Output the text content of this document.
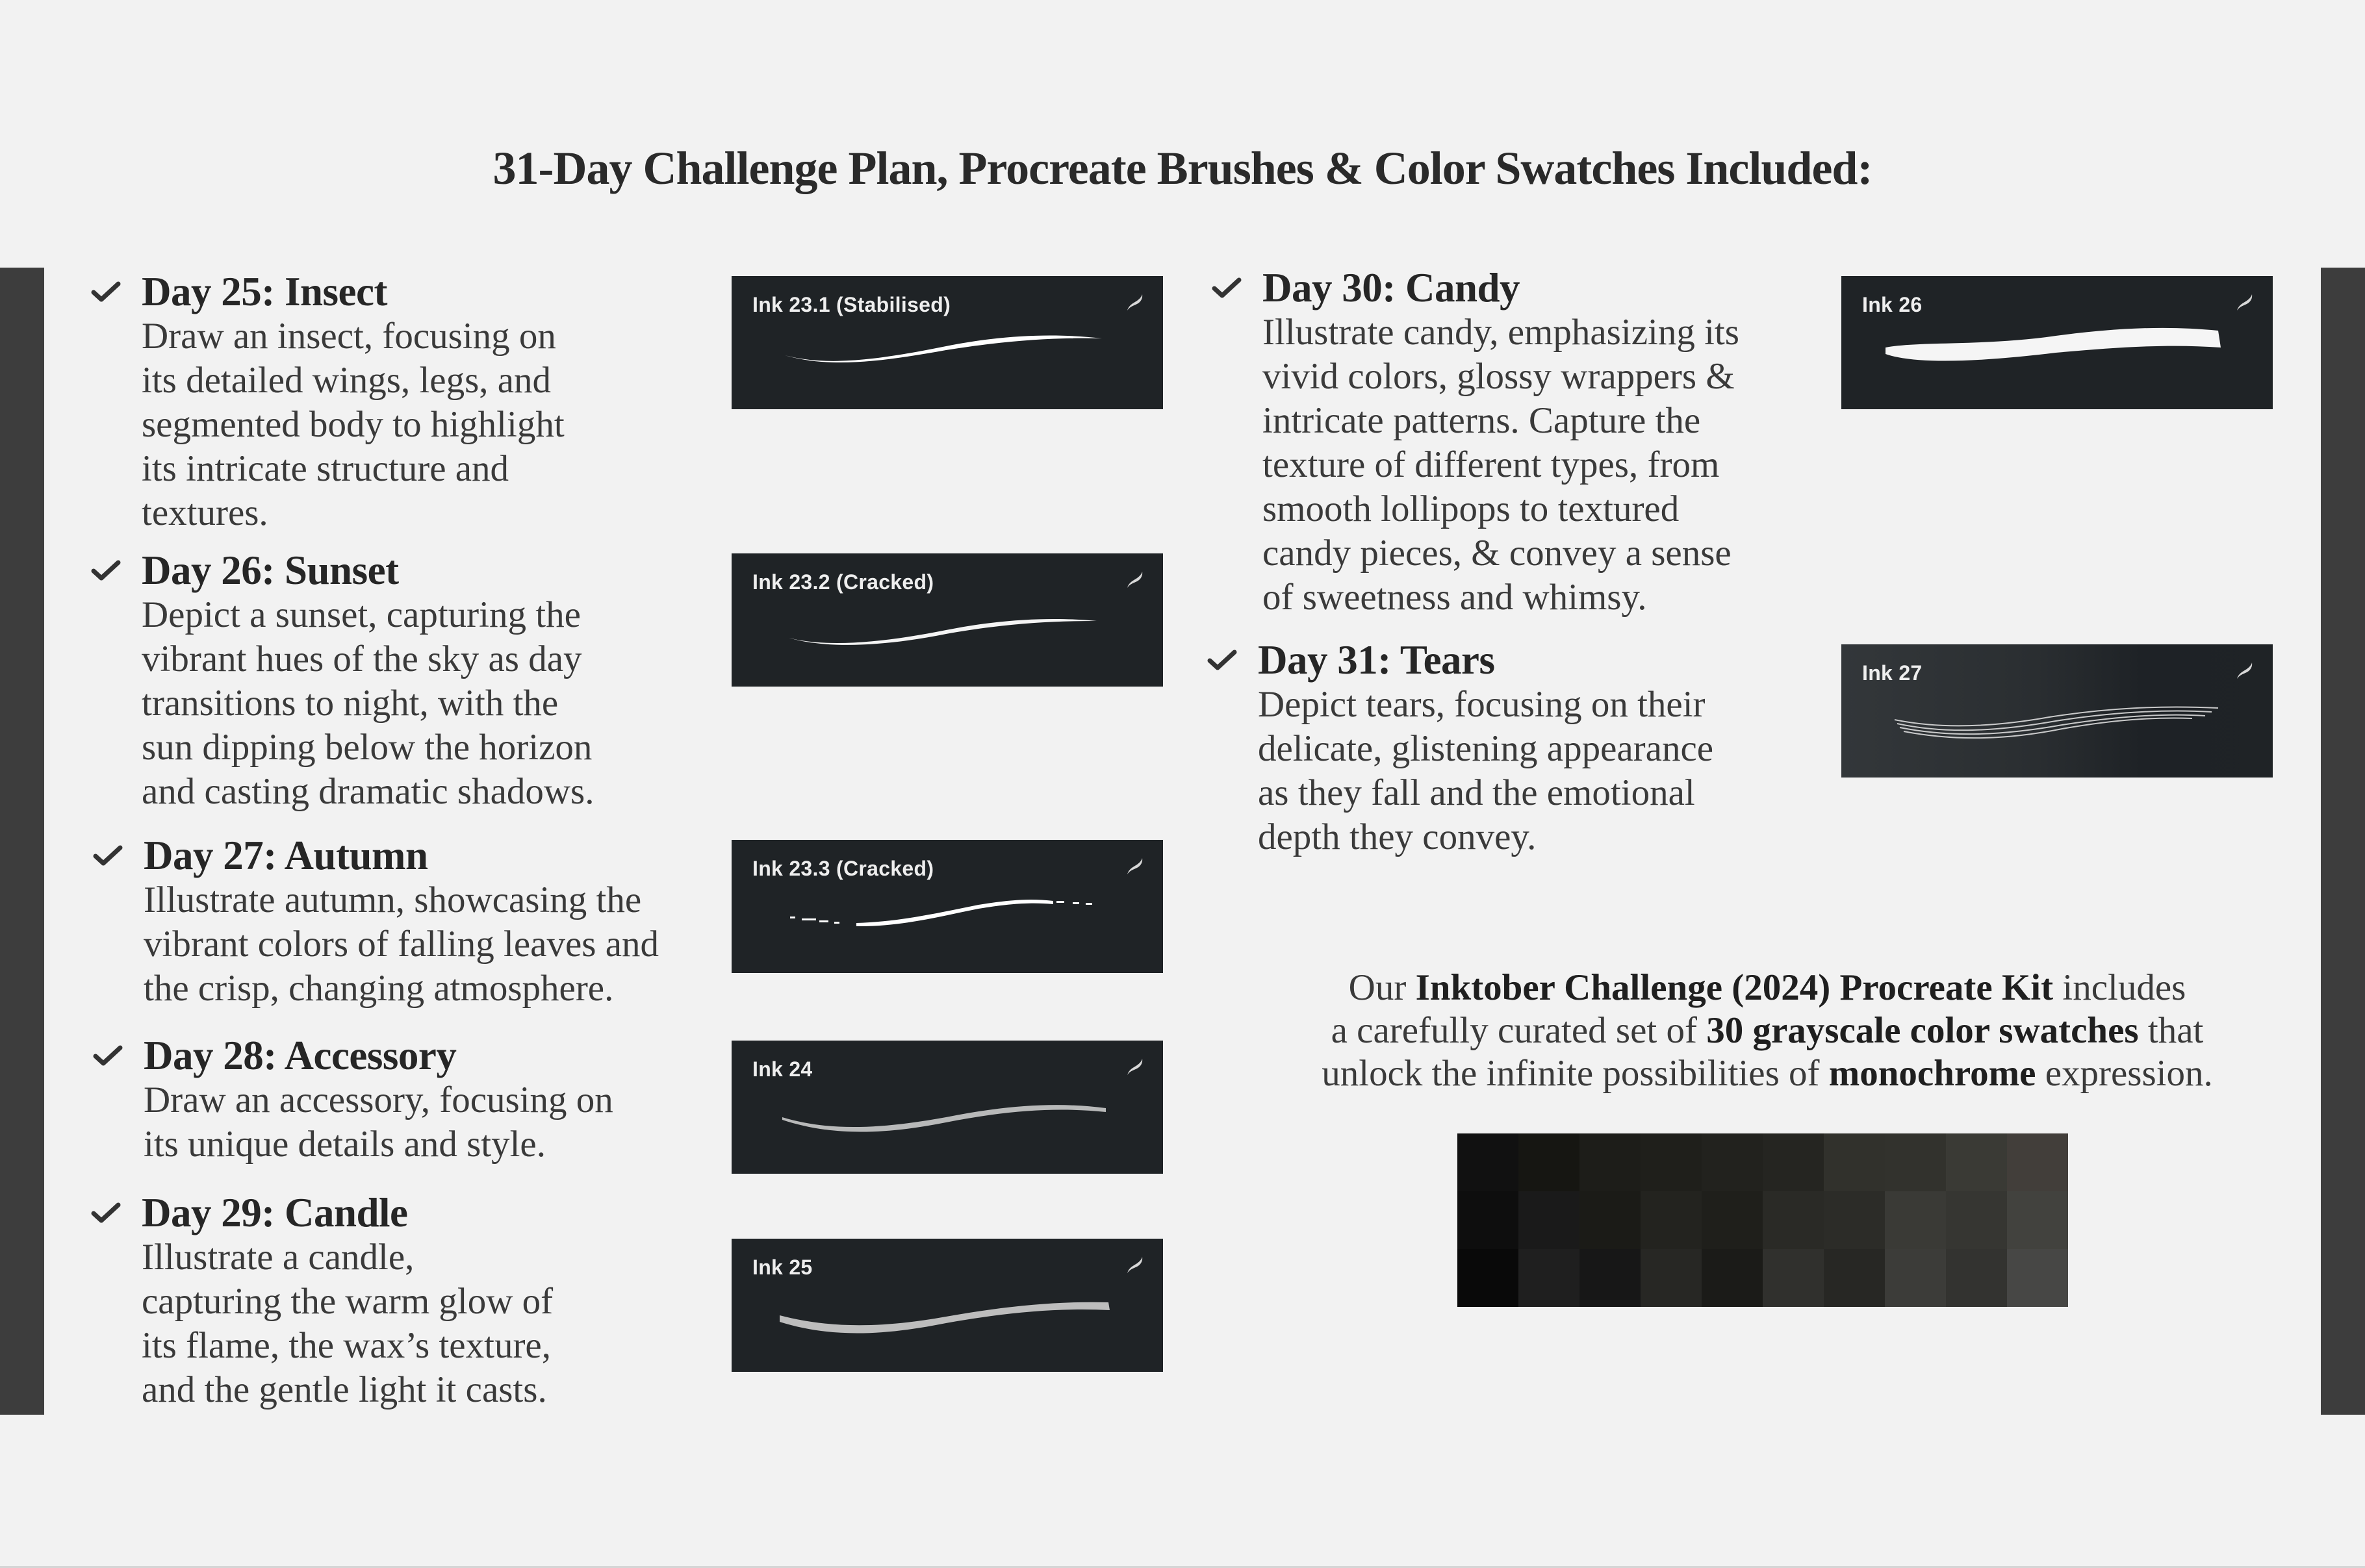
31-Day Challenge Plan, Procreate Brushes & Color Swatches Included:
Day 25: Insect

Draw an insect, focusing on
its detailed wings, legs, and
segmented body to highlight
its intricate structure and
textures.

Day 26: Sunset

Depict a sunset, capturing the
vibrant hues of the sky as day
transitions to night, with the
sun dipping below the horizon
and casting dramatic shadows.

Day 27: Autumn

Illustrate autumn, showcasing the
vibrant colors of falling leaves and
the crisp, changing atmosphere.

Day 28: Accessory

Draw an accessory, focusing on
its unique details and style.

Day 29: Candle

Illustrate a candle,
capturing the warm glow of
its flame, the wax’s texture,
and the gentle light it casts.

Day 30: Candy

Illustrate candy, emphasizing its
vivid colors, glossy wrappers &
intricate patterns. Capture the
texture of different types, from
smooth lollipops to textured
candy pieces, & convey a sense
of sweetness and whimsy.

Day 31: Tears

Depict tears, focusing on their
delicate, glistening appearance
as they fall and the emotional
depth they convey.

Ink 23.1 (Stabilised)
Ink 23.2 (Cracked)
Ink 23.3 (Cracked)
Ink 24
Ink 25
Ink 26
Ink 27

Our Inktober Challenge (2024) Procreate Kit includes
a carefully curated set of 30 grayscale color swatches that
unlock the infinite possibilities of monochrome expression.
